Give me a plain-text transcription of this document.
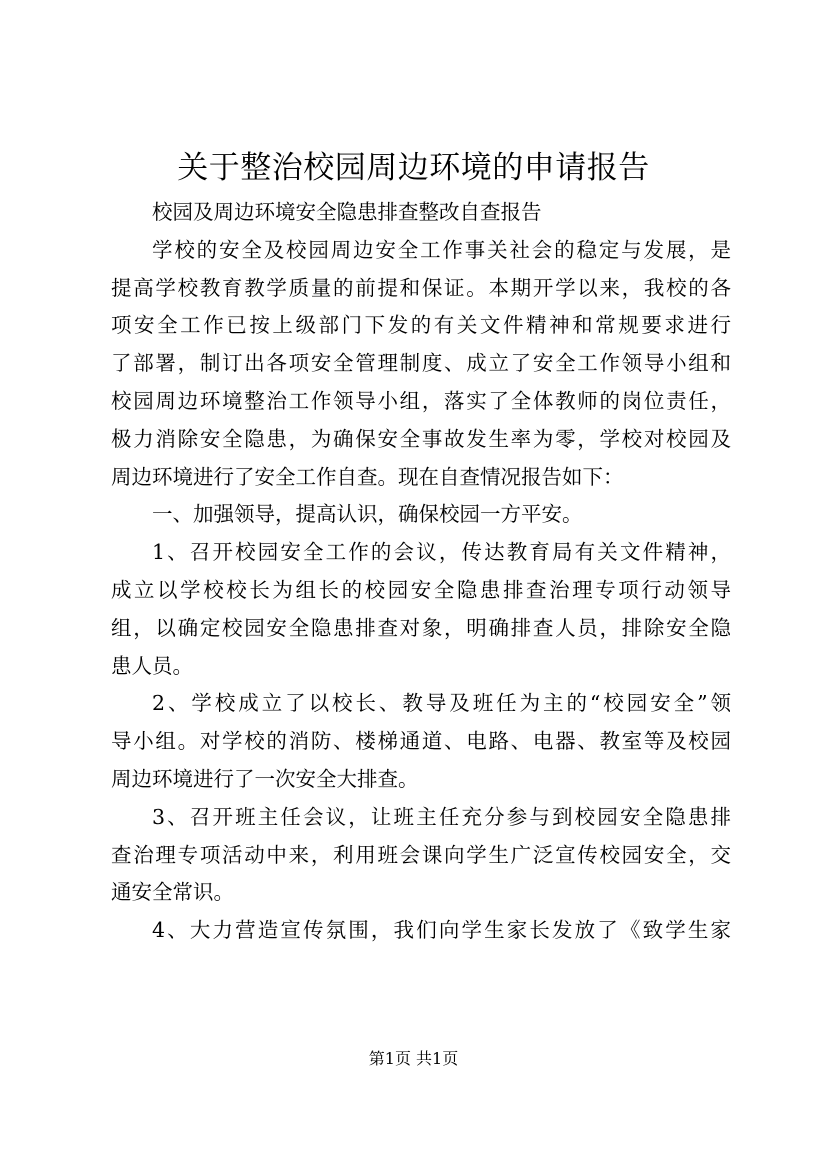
关于整治校园周边环境的申请报告
校园及周边环境安全隐患排查整改自查报告
学校的安全及校园周边安全工作事关社会的稳定与发展，是
提高学校教育教学质量的前提和保证。本期开学以来，我校的各
项安全工作已按上级部门下发的有关文件精神和常规要求进行
了部署，制订出各项安全管理制度、成立了安全工作领导小组和
校园周边环境整治工作领导小组，落实了全体教师的岗位责任，
极力消除安全隐患，为确保安全事故发生率为零，学校对校园及
周边环境进行了安全工作自查。现在自查情况报告如下：
一、加强领导，提高认识，确保校园一方平安。
1、召开校园安全工作的会议，传达教育局有关文件精神，
成立以学校校长为组长的校园安全隐患排查治理专项行动领导
组，以确定校园安全隐患排查对象，明确排查人员，排除安全隐
患人员。
2、学校成立了以校长、教导及班任为主的“校园安全”领
导小组。对学校的消防、楼梯通道、电路、电器、教室等及校园
周边环境进行了一次安全大排查。
3、召开班主任会议，让班主任充分参与到校园安全隐患排
查治理专项活动中来，利用班会课向学生广泛宣传校园安全，交
通安全常识。
4、大力营造宣传氛围，我们向学生家长发放了《致学生家
第1页 共1页
